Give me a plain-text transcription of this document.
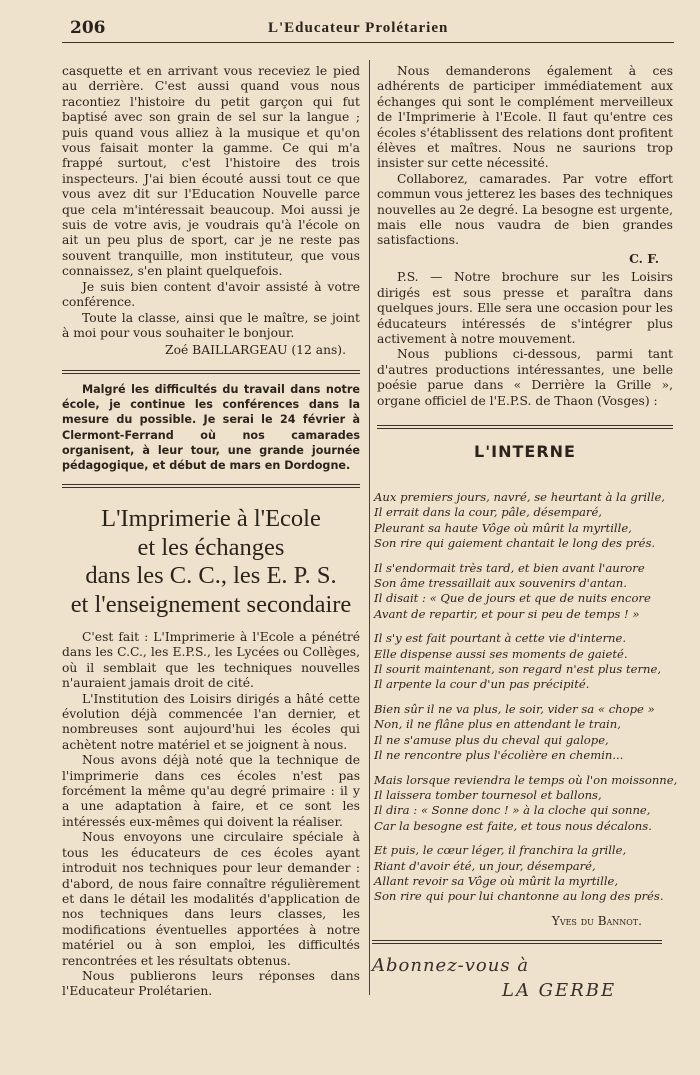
206	L'Educateur Prolétarien

casquette et en arrivant vous receviez le pied au derrière. C'est aussi quand vous nous racontiez l'histoire du petit garçon qui fut baptisé avec son grain de sel sur la langue ; puis quand vous alliez à la musique et qu'on vous faisait monter la gamme. Ce qui m'a frappé surtout, c'est l'histoire des trois inspecteurs. J'ai bien écouté aussi tout ce que vous avez dit sur l'Education Nouvelle parce que cela m'intéressait beaucoup. Moi aussi je suis de votre avis, je voudrais qu'à l'école on ait un peu plus de sport, car je ne reste pas souvent tranquille, mon instituteur, que vous connaissez, s'en plaint quelquefois.

Je suis bien content d'avoir assisté à votre conférence.

Toute la classe, ainsi que le maître, se joint à moi pour vous souhaiter le bonjour.

Zoé BAILLARGEAU (12 ans).

Malgré les difficultés du travail dans notre école, je continue les conférences dans la mesure du possible. Je serai le 24 février à Clermont-Ferrand où nos camarades organisent, à leur tour, une grande journée pédagogique, et début de mars en Dordogne.

L'Imprimerie à l'Ecole
et les échanges
dans les C. C., les E. P. S.
et l'enseignement secondaire

C'est fait : L'Imprimerie à l'Ecole a pénétré dans les C.C., les E.P.S., les Lycées ou Collèges, où il semblait que les techniques nouvelles n'auraient jamais droit de cité.

L'Institution des Loisirs dirigés a hâté cette évolution déjà commencée l'an dernier, et nombreuses sont aujourd'hui les écoles qui achètent notre matériel et se joignent à nous.

Nous avons déjà noté que la technique de l'imprimerie dans ces écoles n'est pas forcément la même qu'au degré primaire : il y a une adaptation à faire, et ce sont les intéressés eux-mêmes qui doivent la réaliser.

Nous envoyons une circulaire spéciale à tous les éducateurs de ces écoles ayant introduit nos techniques pour leur demander : d'abord, de nous faire connaître régulièrement et dans le détail les modalités d'application de nos techniques dans leurs classes, les modifications éventuelles apportées à notre matériel ou à son emploi, les difficultés rencontrées et les résultats obtenus.

Nous publierons leurs réponses dans l'Educateur Prolétarien.

Nous demanderons également à ces adhérents de participer immédiatement aux échanges qui sont le complément merveilleux de l'Imprimerie à l'Ecole. Il faut qu'entre ces écoles s'établissent des relations dont profitent élèves et maîtres. Nous ne saurions trop insister sur cette nécessité.

Collaborez, camarades. Par votre effort commun vous jetterez les bases des techniques nouvelles au 2e degré. La besogne est urgente, mais elle nous vaudra de bien grandes satisfactions.

C. F.

P.S. — Notre brochure sur les Loisirs dirigés est sous presse et paraîtra dans quelques jours. Elle sera une occasion pour les éducateurs intéressés de s'intégrer plus activement à notre mouvement.

Nous publions ci-dessous, parmi tant d'autres productions intéressantes, une belle poésie parue dans « Derrière la Grille », organe officiel de l'E.P.S. de Thaon (Vosges) :

L'INTERNE
Aux premiers jours, navré, se heurtant à la grille,
Il errait dans la cour, pâle, désemparé,
Pleurant sa haute Vôge où mûrit la myrtille,
Son rire qui gaiement chantait le long des prés.
Il s'endormait très tard, et bien avant l'aurore
Son âme tressaillait aux souvenirs d'antan.
Il disait : « Que de jours et que de nuits encore
Avant de repartir, et pour si peu de temps ! »
Il s'y est fait pourtant à cette vie d'interne.
Elle dispense aussi ses moments de gaieté.
Il sourit maintenant, son regard n'est plus terne,
Il arpente la cour d'un pas précipité.
Bien sûr il ne va plus, le soir, vider sa « chope »
Non, il ne flâne plus en attendant le train,
Il ne s'amuse plus du cheval qui galope,
Il ne rencontre plus l'écolière en chemin...
Mais lorsque reviendra le temps où l'on moissonne,
Il laissera tomber tournesol et ballons,
Il dira : « Sonne donc ! » à la cloche qui sonne,
Car la besogne est faite, et tous nous décalons.
Et puis, le cœur léger, il franchira la grille,
Riant d'avoir été, un jour, désemparé,
Allant revoir sa Vôge où mûrit la myrtille,
Son rire qui pour lui chantonne au long des prés.
Yves du Bannot.
Abonnez-vous à
LA GERBE
